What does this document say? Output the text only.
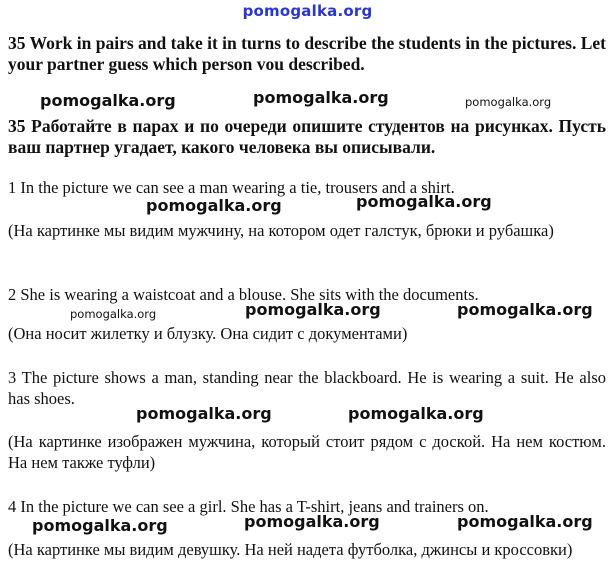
pomogalka.org
35 Work in pairs and take it in turns to describe the students in the pictures. Let your partner guess which person vou described.
pomogalka.org	pomogalka.org	pomogalka.org
35 Работайте в парах и по очереди опишите студентов на рисунках. Пусть ваш партнер угадает, какого человека вы описывали.
1 In the picture we can see a man wearing a tie, trousers and a shirt.
pomogalka.org	pomogalka.org
(На картинке мы видим мужчину, на котором одет галстук, брюки и рубашка)
2 She is wearing a waistcoat and a blouse. She sits with the documents.
pomogalka.org	pomogalka.org	pomogalka.org
(Она носит жилетку и блузку. Она сидит с документами)
3 The picture shows a man, standing near the blackboard. He is wearing a suit. He also has shoes.
pomogalka.org	pomogalka.org
(На картинке изображен мужчина, который стоит рядом с доской. На нем костюм. На нем также туфли)
4 In the picture we can see a girl. She has a T-shirt, jeans and trainers on.
pomogalka.org	pomogalka.org	pomogalka.org
(На картинке мы видим девушку. На ней надета футболка, джинсы и кроссовки)
